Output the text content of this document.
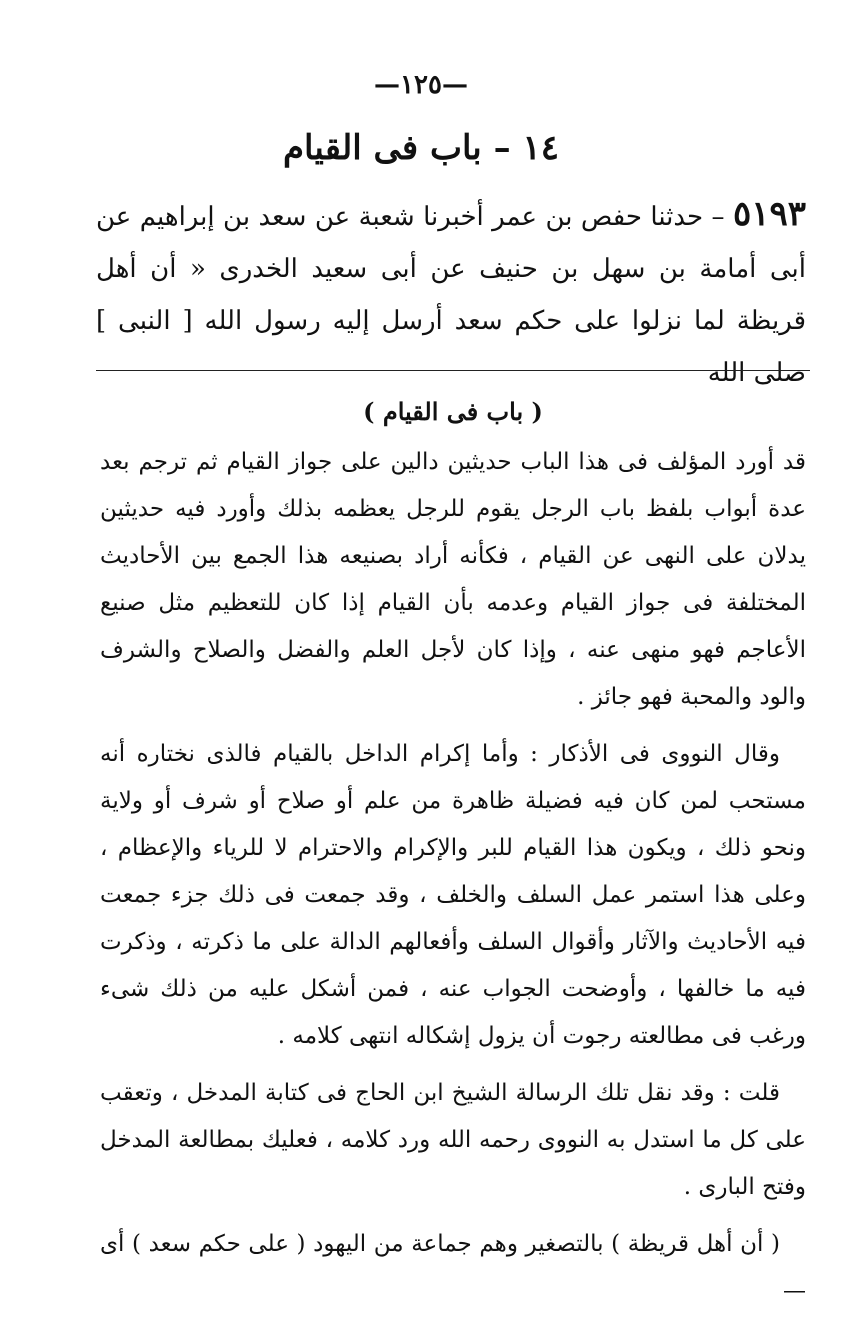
—١٢٥—
١٤ – باب فى القيام
٥١٩٣ – حدثنا حفص بن عمر أخبرنا شعبة عن سعد بن إبراهيم عن أبى أمامة بن سهل بن حنيف عن أبى سعيد الخدرى « أن أهل قريظة لما نزلوا على حكم سعد أرسل إليه رسول الله [ النبى ] صلى الله
( باب فى القيام )

قد أورد المؤلف فى هذا الباب حديثين دالين على جواز القيام ثم ترجم بعد عدة أبواب بلفظ باب الرجل يقوم للرجل يعظمه بذلك وأورد فيه حديثين يدلان على النهى عن القيام ، فكأنه أراد بصنيعه هذا الجمع بين الأحاديث المختلفة فى جواز القيام وعدمه بأن القيام إذا كان للتعظيم مثل صنيع الأعاجم فهو منهى عنه ، وإذا كان لأجل العلم والفضل والصلاح والشرف والود والمحبة فهو جائز .

وقال النووى فى الأذكار : وأما إكرام الداخل بالقيام فالذى نختاره أنه مستحب لمن كان فيه فضيلة ظاهرة من علم أو صلاح أو شرف أو ولاية ونحو ذلك ، ويكون هذا القيام للبر والإكرام والاحترام لا للرياء والإعظام ، وعلى هذا استمر عمل السلف والخلف ، وقد جمعت فى ذلك جزء جمعت فيه الأحاديث والآثار وأقوال السلف وأفعالهم الدالة على ما ذكرته ، وذكرت فيه ما خالفها ، وأوضحت الجواب عنه ، فمن أشكل عليه من ذلك شىء ورغب فى مطالعته رجوت أن يزول إشكاله انتهى كلامه .

قلت : وقد نقل تلك الرسالة الشيخ ابن الحاج فى كتابة المدخل ، وتعقب على كل ما استدل به النووى رحمه الله ورد كلامه ، فعليك بمطالعة المدخل وفتح البارى .

( أن أهل قريظة ) بالتصغير وهم جماعة من اليهود ( على حكم سعد ) أى —
